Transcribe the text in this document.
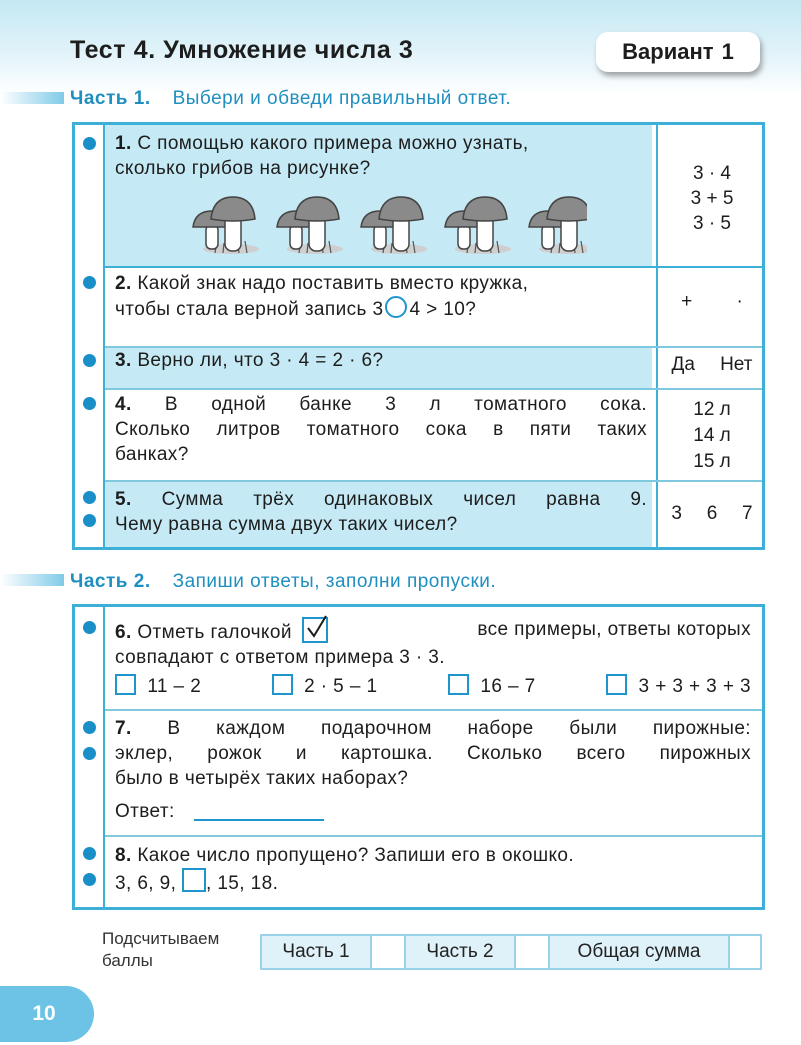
Тест 4. Умножение числа 3	Вариант 1
Часть 1. Выбери и обведи правильный ответ.
1. С помощью какого примера можно узнать,
сколько грибов на рисунке?	3 · 4
3 + 5
3 · 5
2. Какой знак надо поставить вместо кружка,
чтобы стала верной запись 3 4 > 10?	+ ·
3. Верно ли, что 3 · 4 = 2 · 6?	Да Нет
4. В одной банке 3 л томатного сока.
Сколько литров томатного сока в пяти таких
банках?
12 л
14 л
15 л
5. Сумма трёх одинаковых чисел равна 9.
Чему равна сумма двух таких чисел?
3 6 7
Часть 2. Запиши ответы, заполни пропуски.
6. Отметь галочкой	все примеры, ответы которых
совпадают с ответом примера 3 · 3.
11 – 2	2 · 5 – 1	16 – 7	3 + 3 + 3 + 3
7. В каждом подарочном наборе были пирожные:
эклер, рожок и картошка. Сколько всего пирожных
было в четырёх таких наборах?
Ответ:
8. Какое число пропущено? Запиши его в окошко.
3, 6, 9, , 15, 18.
Подсчитываем
баллы	Часть 1	Часть 2	Общая сумма
10
